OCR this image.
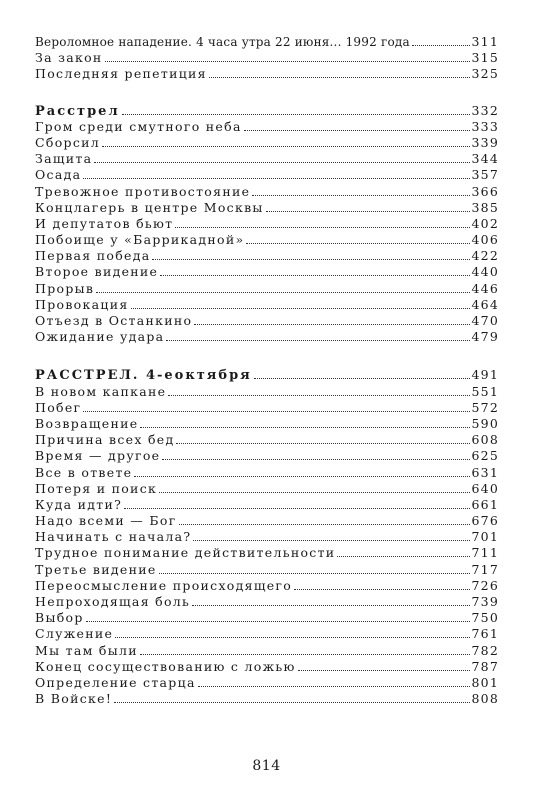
Вероломное нападение. 4 часа утра 22 июня... 1992 года	311
За закон	315
Последняя репетиция	325
Расстрел	332
Гром среди смутного неба	333
Сборсил	339
Защита	344
Осада	357
Тревожное противостояние	366
Концлагерь в центре Москвы	385
И депутатов бьют	402
Побоище у «Баррикадной»	406
Первая победа	422
Второе видение	440
Прорыв	446
Провокация	464
Отъезд в Останкино	470
Ожидание удара	479
РАССТРЕЛ. 4-еоктября	491
В новом капкане	551
Побег	572
Возвращение	590
Причина всех бед	608
Время — другое	625
Все в ответе	631
Потеря и поиск	640
Куда идти?	661
Надо всеми — Бог	676
Начинать с начала?	701
Трудное понимание действительности	711
Третье видение	717
Переосмысление происходящего	726
Непроходящая боль	739
Выбор	750
Служение	761
Мы там были	782
Конец сосуществованию с ложью	787
Определение старца	801
В Войске!	808
814
